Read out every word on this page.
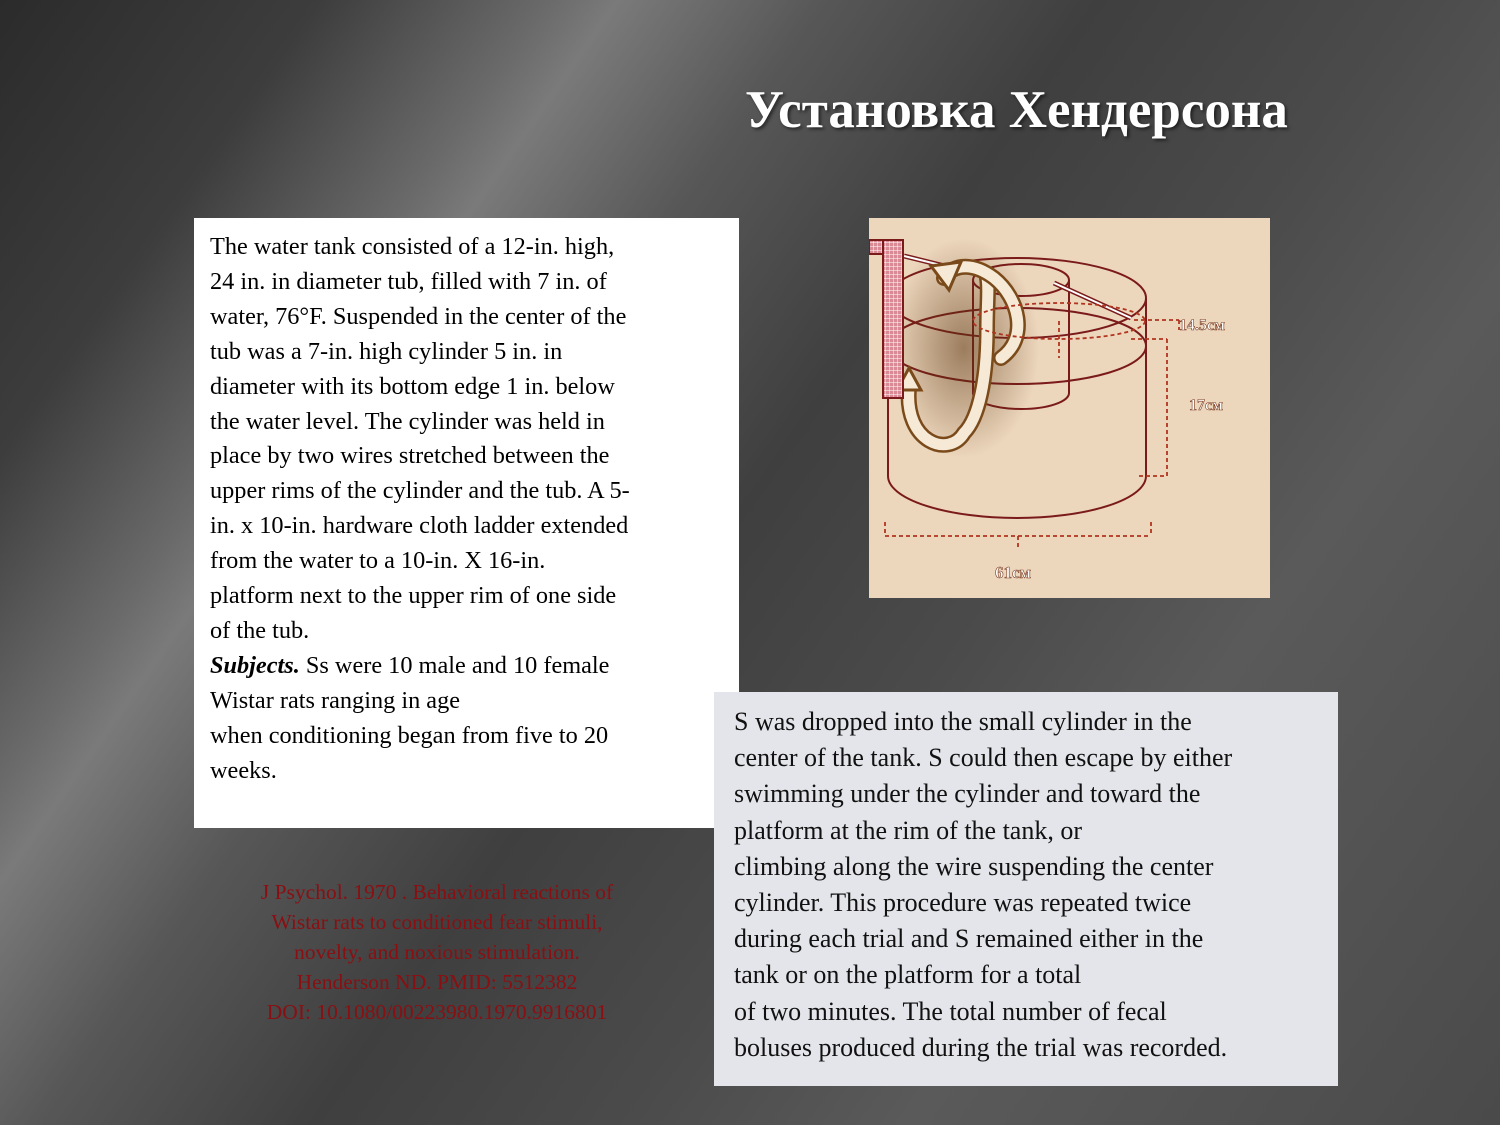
Установка Хендерсона

The water tank consisted of a 12-in. high,
24 in. in diameter tub, filled with 7 in. of
water, 76°F. Suspended in the center of the
tub was a 7-in. high cylinder 5 in. in
diameter with its bottom edge 1 in. below
the water level. The cylinder was held in
place by two wires stretched between the
upper rims of the cylinder and the tub. A 5-
in. x 10-in. hardware cloth ladder extended
from the water to a 10-in. X 16-in.
platform next to the upper rim of one side
of the tub.

Subjects. Ss were 10 male and 10 female
Wistar rats ranging in age
when conditioning began from five to 20
weeks.

14.5см
17см
61см
S was dropped into the small cylinder in the
center of the tank. S could then escape by either
swimming under the cylinder and toward the
platform at the rim of the tank, or
climbing along the wire suspending the center
cylinder. This procedure was repeated twice
during each trial and S remained either in the
tank or on the platform for a total
of two minutes. The total number of fecal
boluses produced during the trial was recorded.
J Psychol. 1970 . Behavioral reactions of
Wistar rats to conditioned fear stimuli,
novelty, and noxious stimulation.
Henderson ND. PMID: 5512382
DOI: 10.1080/00223980.1970.9916801
